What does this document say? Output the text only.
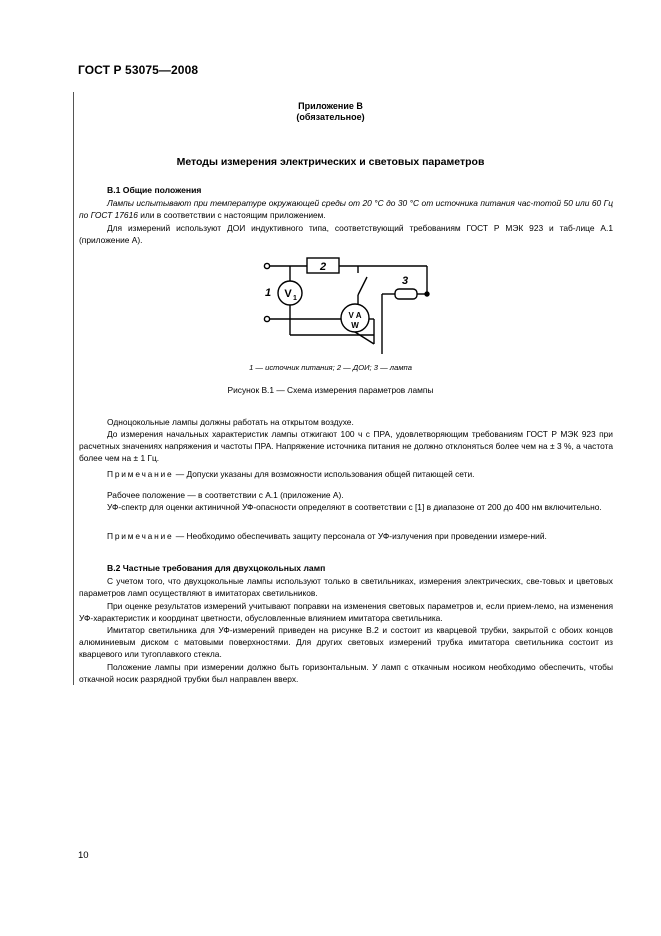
ГОСТ Р 53075—2008
Приложение В
(обязательное)
Методы измерения электрических и световых параметров
В.1 Общие положения
Лампы испытывают при температуре окружающей среды от 20 °С до 30 °С от источника питания час-тотой 50 или 60 Гц по ГОСТ 17616 или в соответствии с настоящим приложением.
Для измерений используют ДОИ индуктивного типа, соответствующий требованиям ГОСТ Р МЭК 923 и таб-лице А.1 (приложение А).
2
3
1 V 1
V A
W
1 — источник питания; 2 — ДОИ; 3 — лампа
Рисунок В.1 — Схема измерения параметров лампы
Одноцокольные лампы должны работать на открытом воздухе.
До измерения начальных характеристик лампы отжигают 100 ч с ПРА, удовлетворяющим требованиям ГОСТ Р МЭК 923 при расчетных значениях напряжения и частоты ПРА. Напряжение источника питания не должно отклоняться более чем на ± 3 %, а частота более чем на ± 1 Гц.
Примечание — Допуски указаны для возможности использования общей питающей сети.
Рабочее положение — в соответствии с А.1 (приложение А).
УФ-спектр для оценки актиничной УФ-опасности определяют в соответствии с [1] в диапазоне от 200 до 400 нм включительно.
Примечание — Необходимо обеспечивать защиту персонала от УФ-излучения при проведении измере-ний.
В.2 Частные требования для двухцокольных ламп
С учетом того, что двухцокольные лампы используют только в светильниках, измерения электрических, све-товых и цветовых параметров ламп осуществляют в имитаторах светильников.
При оценке результатов измерений учитывают поправки на изменения световых параметров и, если прием-лемо, на изменения УФ-характеристик и координат цветности, обусловленные влиянием имитатора светильника.
Имитатор светильника для УФ-измерений приведен на рисунке В.2 и состоит из кварцевой трубки, закрытой с обоих концов алюминиевым диском с матовыми поверхностями. Для других световых измерений трубка имитатора светильника состоит из кварцевого или тугоплавкого стекла.
Положение лампы при измерении должно быть горизонтальным. У ламп с откачным носиком необходимо обеспечить, чтобы откачной носик разрядной трубки был направлен вверх.
10
